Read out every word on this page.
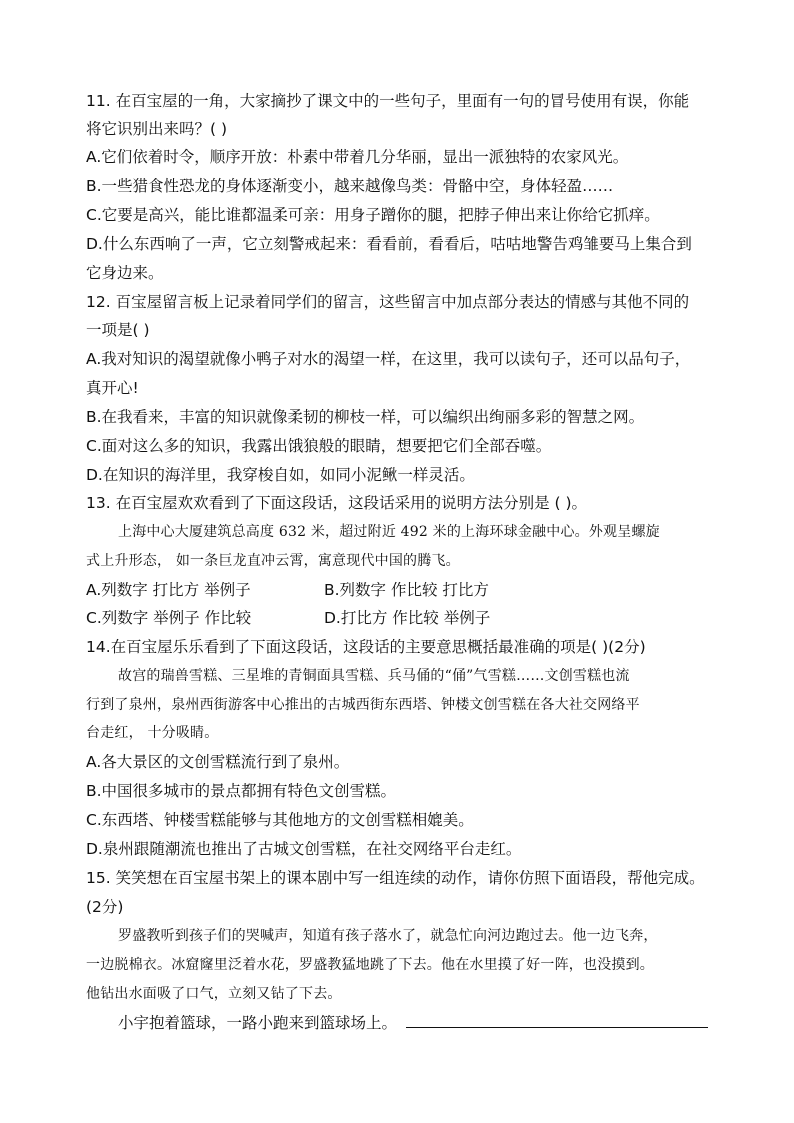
11. 在百宝屋的一角，大家摘抄了课文中的一些句子，里面有一句的冒号使用有误，你能
将它识别出来吗？( )
A.它们依着时令，顺序开放：朴素中带着几分华丽，显出一派独特的农家风光。
B.一些猎食性恐龙的身体逐渐变小，越来越像鸟类：骨骼中空，身体轻盈……
C.它要是高兴，能比谁都温柔可亲：用身子蹭你的腿，把脖子伸出来让你给它抓痒。
D.什么东西响了一声，它立刻警戒起来：看看前，看看后，咕咕地警告鸡雏要马上集合到
它身边来。
12. 百宝屋留言板上记录着同学们的留言，这些留言中加点部分表达的情感与其他不同的
一项是( )
A.我对知识的渴望就像小鸭子对水的渴望一样，在这里，我可以读句子，还可以品句子，
真开心!
B.在我看来，丰富的知识就像柔韧的柳枝一样，可以编织出绚丽多彩的智慧之网。
C.面对这么多的知识，我露出饿狼般的眼睛，想要把它们全部吞噬。
D.在知识的海洋里，我穿梭自如，如同小泥鳅一样灵活。
13. 在百宝屋欢欢看到了下面这段话，这段话采用的说明方法分别是 ( )。
上海中心大厦建筑总高度 632 米，超过附近 492 米的上海环球金融中心。外观呈螺旋
式上升形态， 如一条巨龙直冲云霄，寓意现代中国的腾飞。
A.列数字 打比方 举例子	B.列数字 作比较 打比方
C.列数字 举例子 作比较	D.打比方 作比较 举例子
14.在百宝屋乐乐看到了下面这段话，这段话的主要意思概括最准确的项是( )(2分)
故宫的瑞兽雪糕、三星堆的青铜面具雪糕、兵马俑的“俑”气雪糕……文创雪糕也流
行到了泉州，泉州西街游客中心推出的古城西街东西塔、钟楼文创雪糕在各大社交网络平
台走红， 十分吸睛。
A.各大景区的文创雪糕流行到了泉州。
B.中国很多城市的景点都拥有特色文创雪糕。
C.东西塔、钟楼雪糕能够与其他地方的文创雪糕相媲美。
D.泉州跟随潮流也推出了古城文创雪糕，在社交网络平台走红。
15. 笑笑想在百宝屋书架上的课本剧中写一组连续的动作，请你仿照下面语段，帮他完成。
(2分)
罗盛教听到孩子们的哭喊声，知道有孩子落水了，就急忙向河边跑过去。他一边飞奔，
一边脱棉衣。冰窟窿里泛着水花，罗盛教猛地跳了下去。他在水里摸了好一阵，也没摸到。
他钻出水面吸了口气，立刻又钻了下去。
小宇抱着篮球，一路小跑来到篮球场上。
